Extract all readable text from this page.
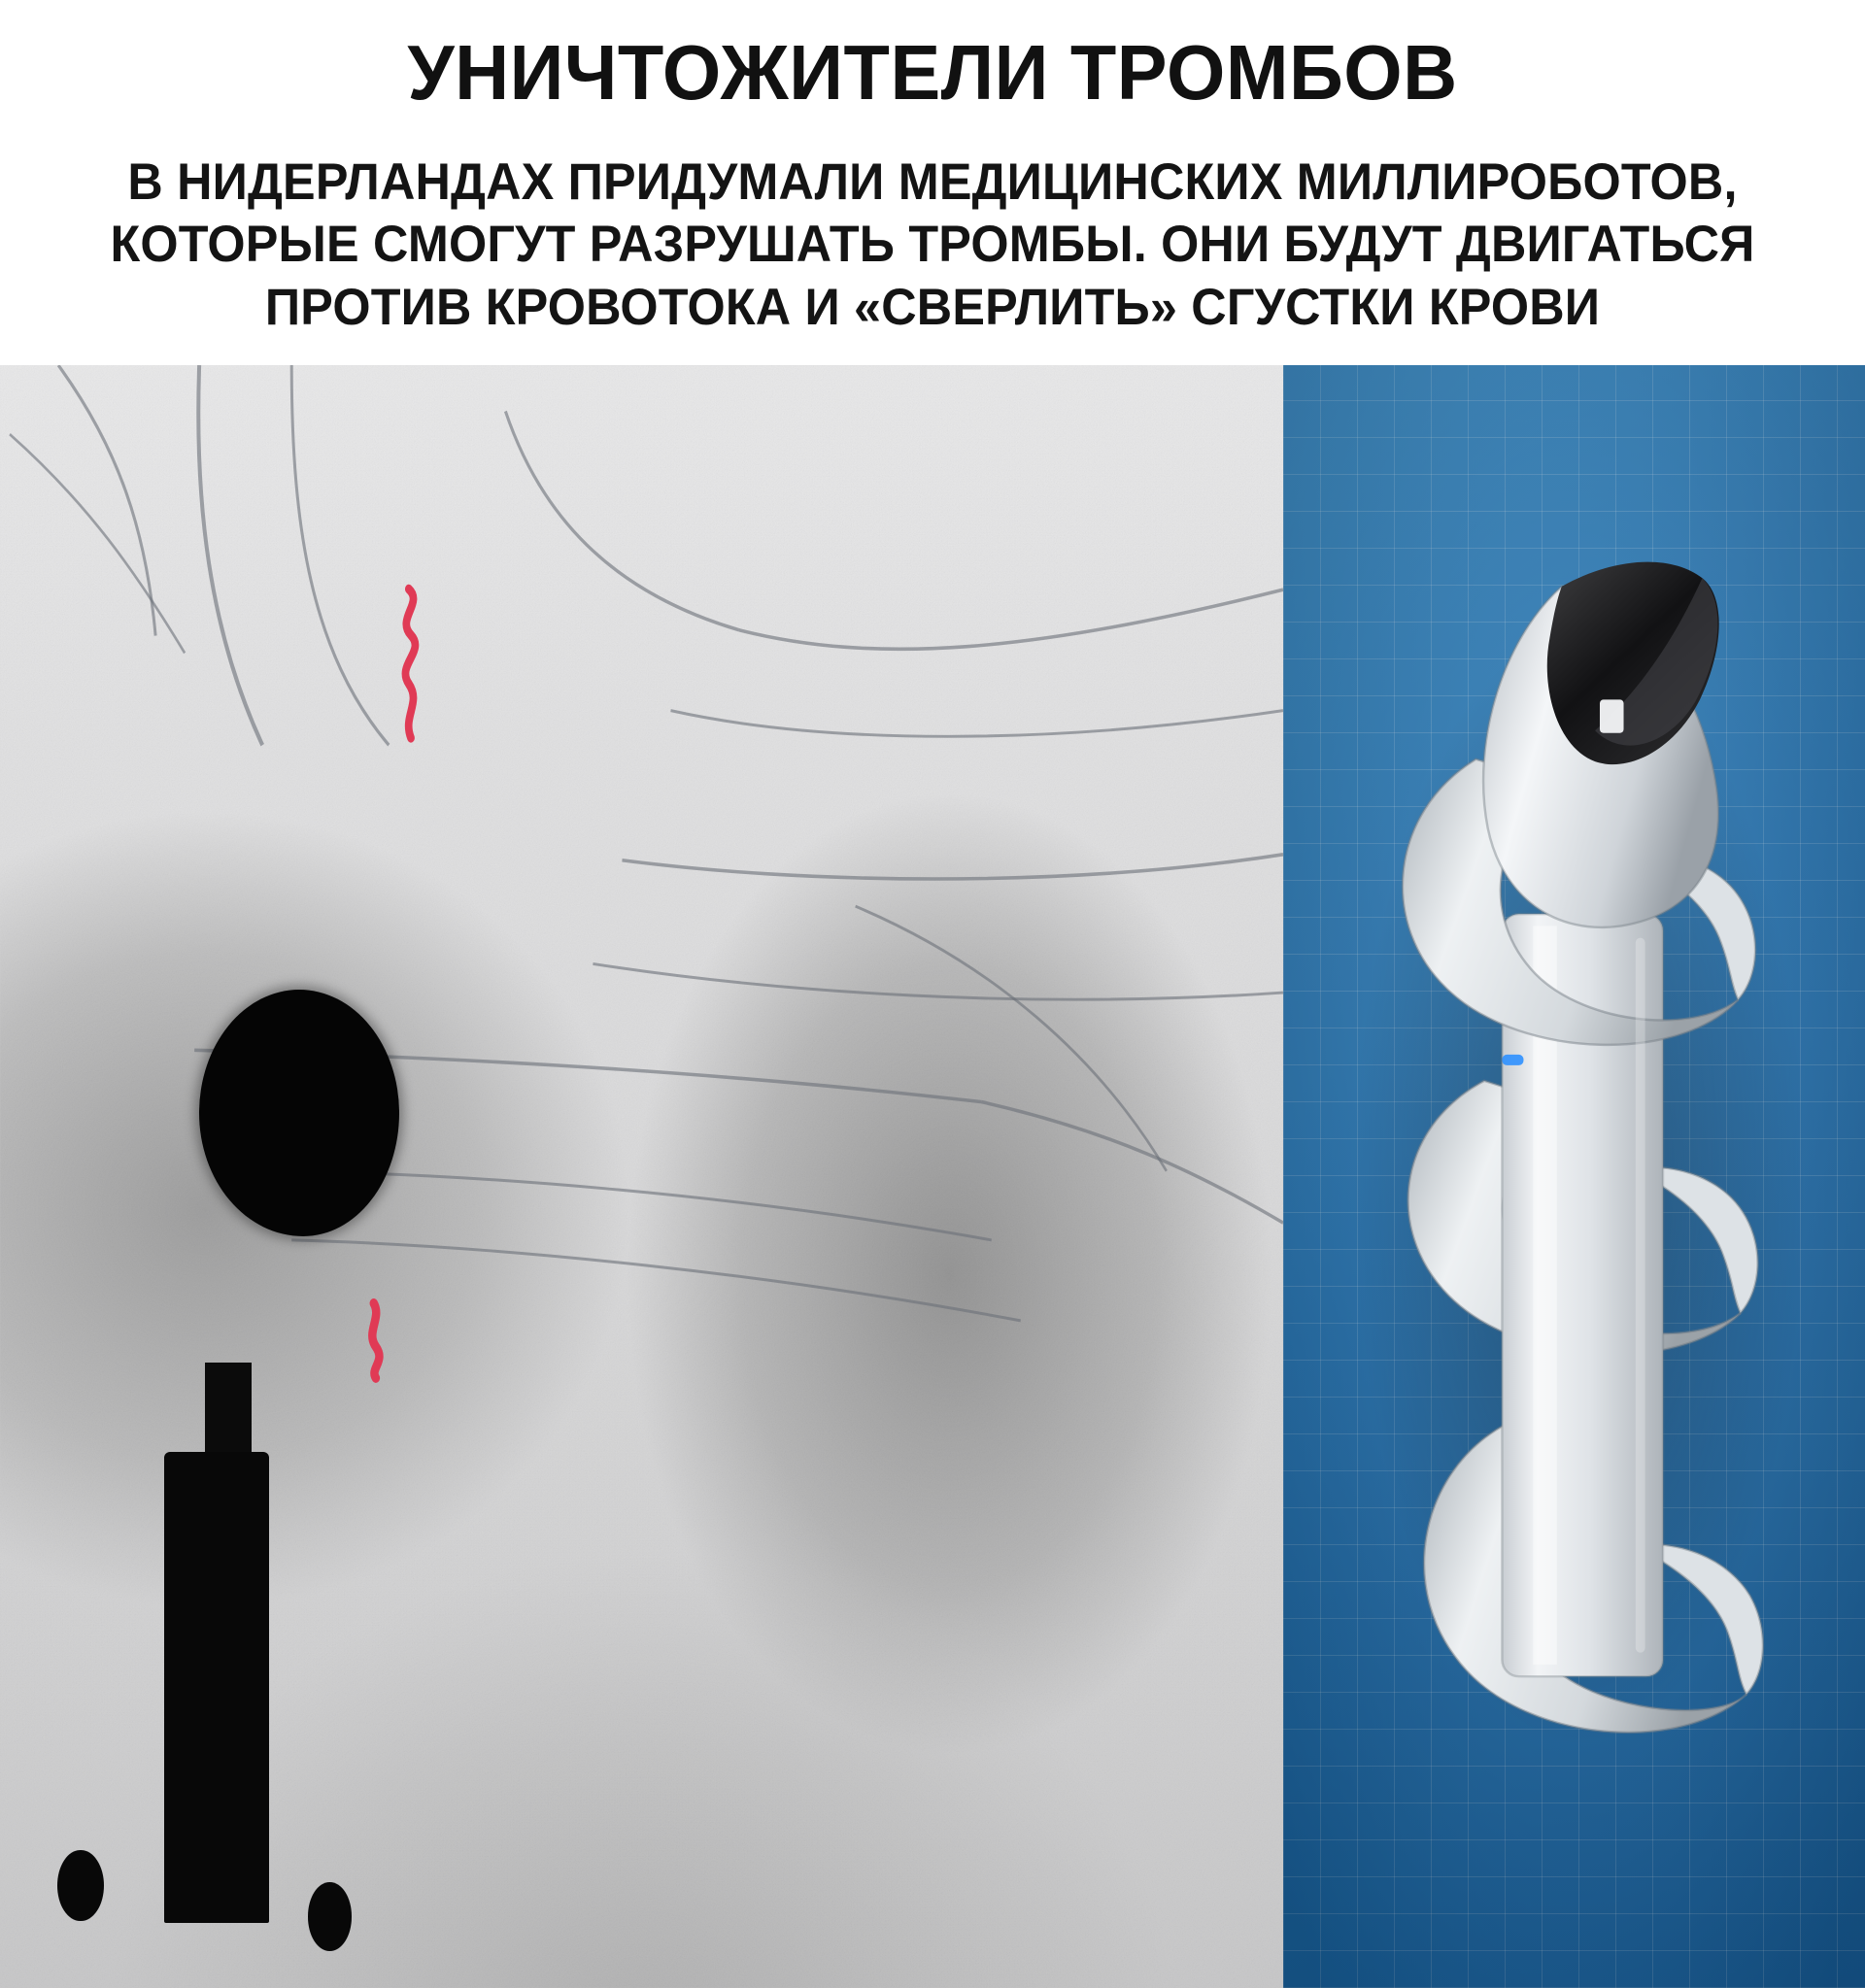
УНИЧТОЖИТЕЛИ ТРОМБОВ

В НИДЕРЛАНДАХ ПРИДУМАЛИ МЕДИЦИНСКИХ МИЛЛИРОБОТОВ, КОТОРЫЕ СМОГУТ РАЗРУШАТЬ ТРОМБЫ. ОНИ БУДУТ ДВИГАТЬСЯ ПРОТИВ КРОВОТОКА И «СВЕРЛИТЬ» СГУСТКИ КРОВИ
